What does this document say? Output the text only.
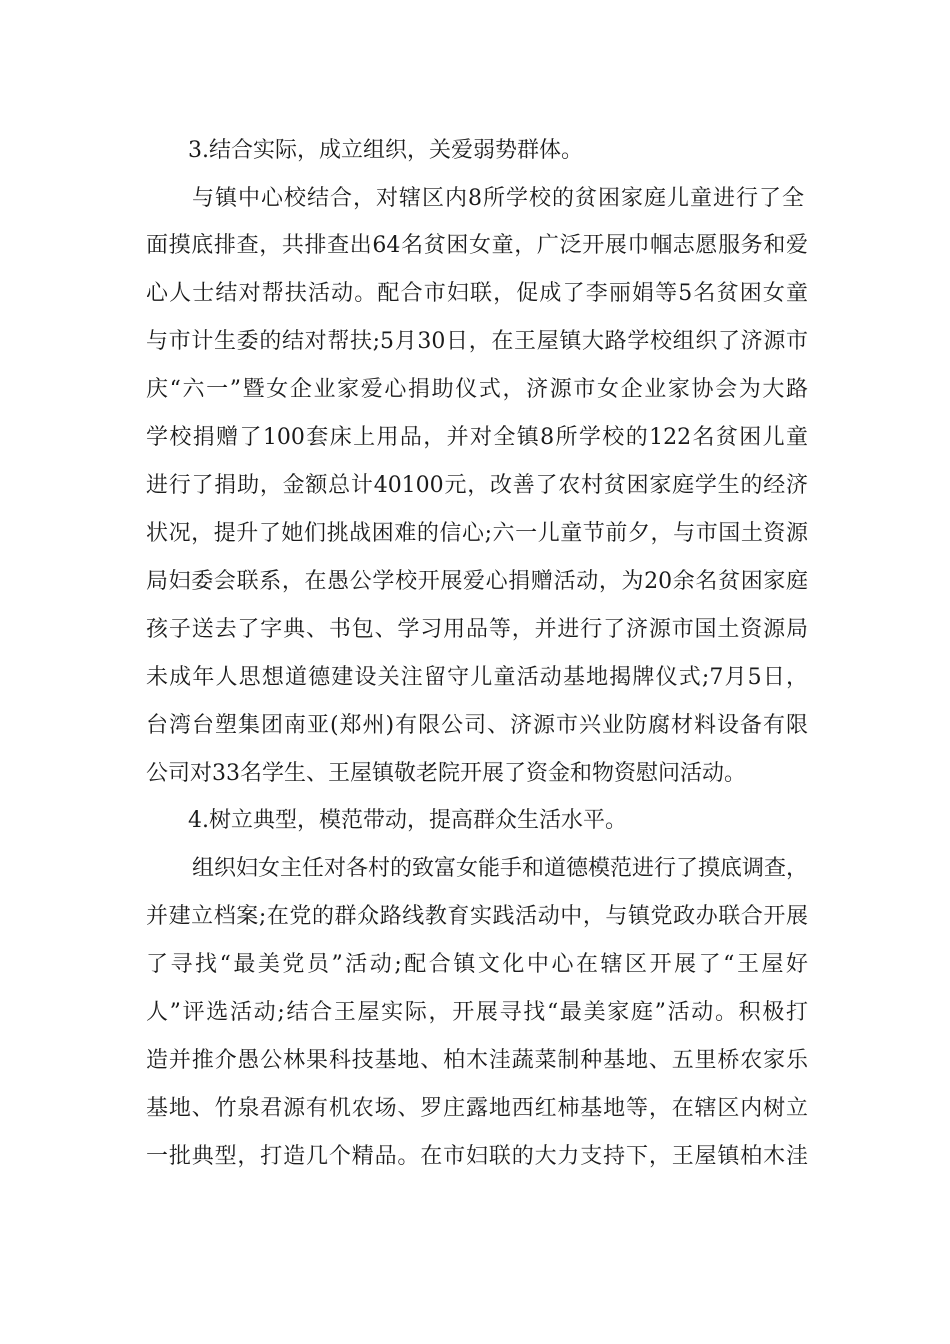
3.结合实际，成立组织，关爱弱势群体。
与镇中心校结合，对辖区内8所学校的贫困家庭儿童进行了全
面摸底排查，共排查出64名贫困女童，广泛开展巾帼志愿服务和爱
心人士结对帮扶活动。配合市妇联，促成了李丽娟等5名贫困女童
与市计生委的结对帮扶;5月30日，在王屋镇大路学校组织了济源市
庆“六一”暨女企业家爱心捐助仪式，济源市女企业家协会为大路
学校捐赠了100套床上用品，并对全镇8所学校的122名贫困儿童
进行了捐助，金额总计40100元，改善了农村贫困家庭学生的经济
状况，提升了她们挑战困难的信心;六一儿童节前夕，与市国土资源
局妇委会联系，在愚公学校开展爱心捐赠活动，为20余名贫困家庭
孩子送去了字典、书包、学习用品等，并进行了济源市国土资源局
未成年人思想道德建设关注留守儿童活动基地揭牌仪式;7月5日，
台湾台塑集团南亚(郑州)有限公司、济源市兴业防腐材料设备有限
公司对33名学生、王屋镇敬老院开展了资金和物资慰问活动。
4.树立典型，模范带动，提高群众生活水平。
组织妇女主任对各村的致富女能手和道德模范进行了摸底调查，
并建立档案;在党的群众路线教育实践活动中，与镇党政办联合开展
了寻找“最美党员”活动;配合镇文化中心在辖区开展了“王屋好
人”评选活动;结合王屋实际，开展寻找“最美家庭”活动。积极打
造并推介愚公林果科技基地、柏木洼蔬菜制种基地、五里桥农家乐
基地、竹泉君源有机农场、罗庄露地西红柿基地等，在辖区内树立
一批典型，打造几个精品。在市妇联的大力支持下，王屋镇柏木洼
